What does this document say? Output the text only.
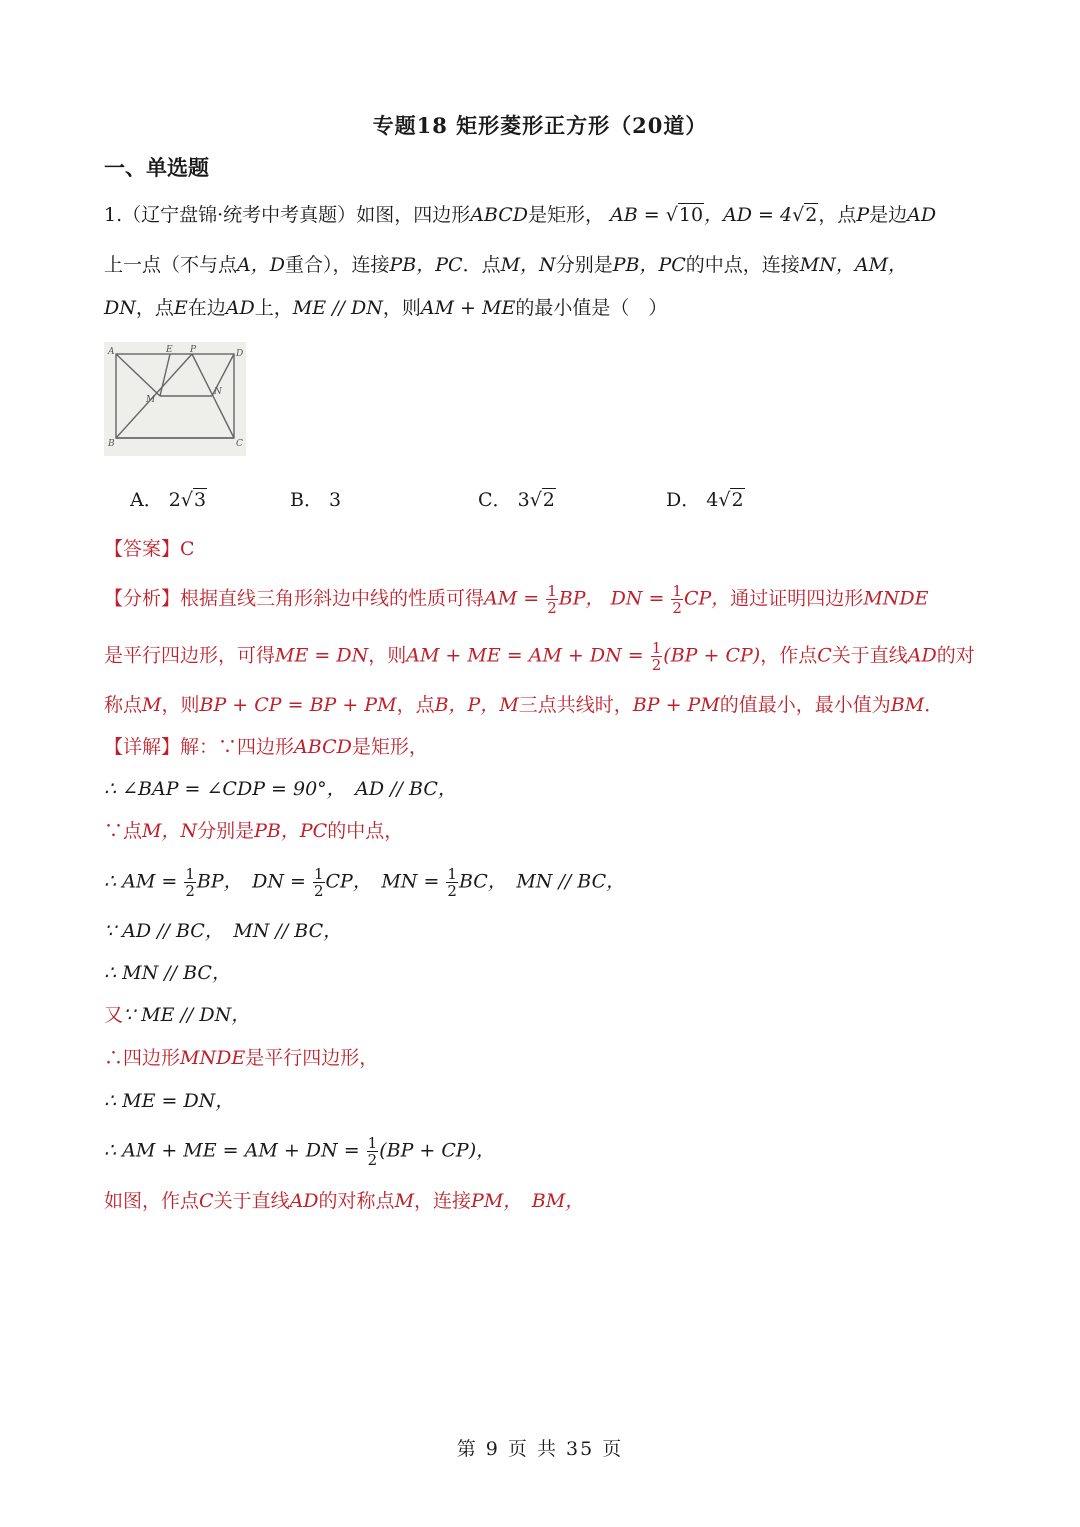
专题18 矩形菱形正方形（20道）
一、单选题
1.（辽宁盘锦·统考中考真题）如图，四边形ABCD是矩形， AB = √10，AD = 4√2，点P是边AD
上一点（不与点A，D重合），连接PB，PC．点M，N分别是PB，PC的中点，连接MN，AM，
DN，点E在边AD上，ME // DN，则AM + ME的最小值是（　）
A	E P
N
D
M
B	C
A． 2√3	B． 3	C． 3√2	D． 4√2
【答案】C
【分析】根据直线三角形斜边中线的性质可得AM = $\frac{1}{2}$ BP， DN = $\frac{1}{2}$ CP，通过证明四边形MNDE
是平行四边形，可得ME = DN，则AM + ME = AM + DN = $\frac{1}{2} (BP + CP)$，作点C关于直线AD的对
称点M，则BP + CP = BP + PM，点B，P，M三点共线时，BP + PM的值最小，最小值为BM．
【详解】解：∵四边形ABCD是矩形，
∴ ∠BAP = ∠CDP = 90°，　AD // BC，
∵点M，N分别是PB，PC的中点，
∴ AM = $\frac{1}{2}$ BP，　DN = $\frac{1}{2}$ CP，　MN = $\frac{1}{2}$ BC，　MN // BC，
∵ AD // BC，　MN // BC，
∴ MN // BC，
又∵ ME // DN，
∴四边形MNDE是平行四边形，
∴ ME = DN，
∴ AM + ME = AM + DN = $\frac{1}{2} (BP + CP)$，
如图，作点C关于直线AD的对称点M，连接PM，　BM，
第 9 页 共 35 页
